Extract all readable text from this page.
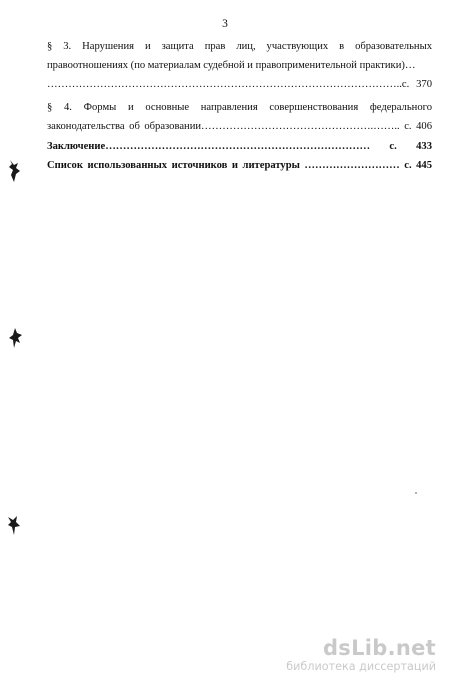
3
§ 3. Нарушения и защита прав лиц, участвующих в образовательных
правоотношениях (по материалам судебной и правоприменительной практики)…
………………………………………………………………………………………..с. 370
§ 4. Формы и основные направления совершенствования федерального
законодательства об образовании………………………………………….…….. с. 406
Заключение………………………………………………………………… с. 433
Список использованных источников и литературы ……………………… с. 445
dsLib.net
библиотека диссертаций
